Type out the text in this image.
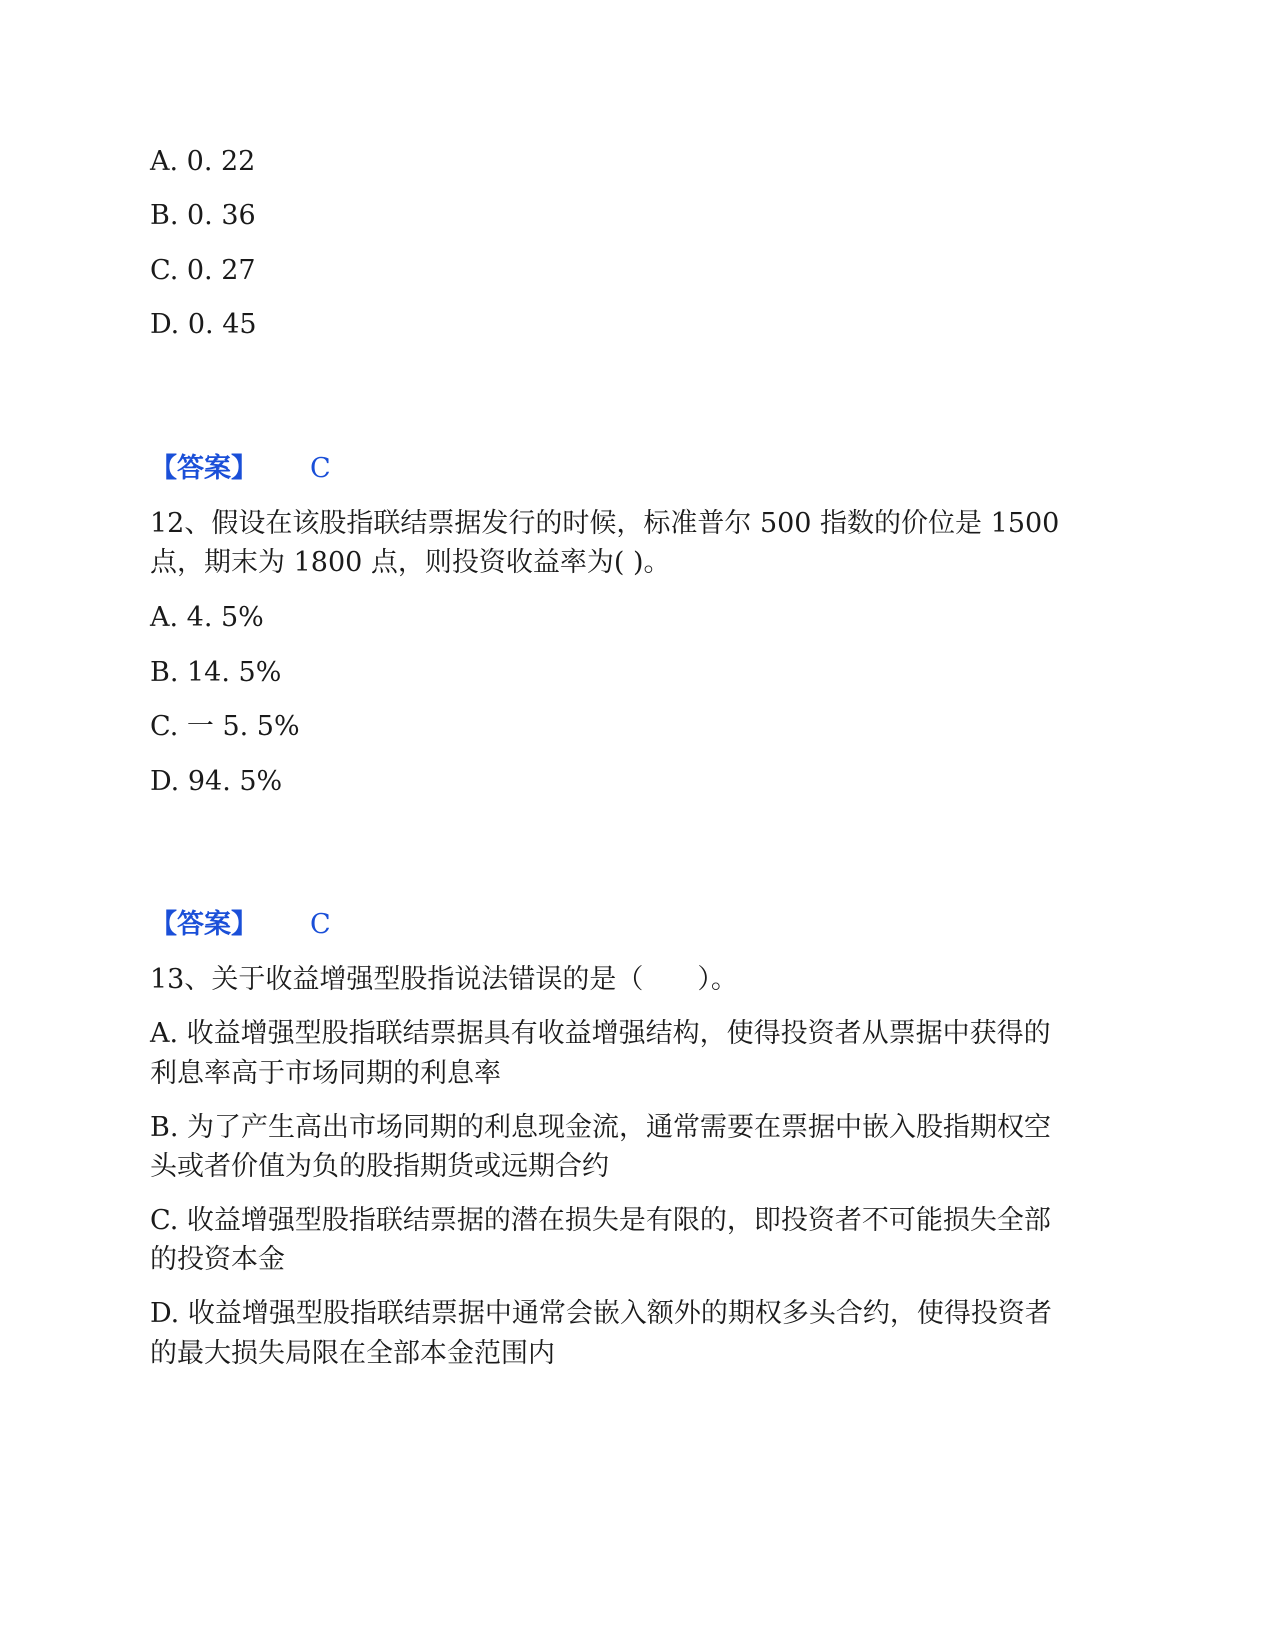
A. 0. 22
B. 0. 36
C. 0. 27
D. 0. 45
【答案】 C
12、假设在该股指联结票据发行的时候，标准普尔 500 指数的价位是 1500
点，期末为 1800 点，则投资收益率为( )。
A. 4. 5%
B. 14. 5%
C. 一 5. 5%
D. 94. 5%
【答案】 C
13、关于收益增强型股指说法错误的是（　　）。
A. 收益增强型股指联结票据具有收益增强结构，使得投资者从票据中获得的
利息率高于市场同期的利息率
B. 为了产生高出市场同期的利息现金流，通常需要在票据中嵌入股指期权空
头或者价值为负的股指期货或远期合约
C. 收益增强型股指联结票据的潜在损失是有限的，即投资者不可能损失全部
的投资本金
D. 收益增强型股指联结票据中通常会嵌入额外的期权多头合约，使得投资者
的最大损失局限在全部本金范围内
